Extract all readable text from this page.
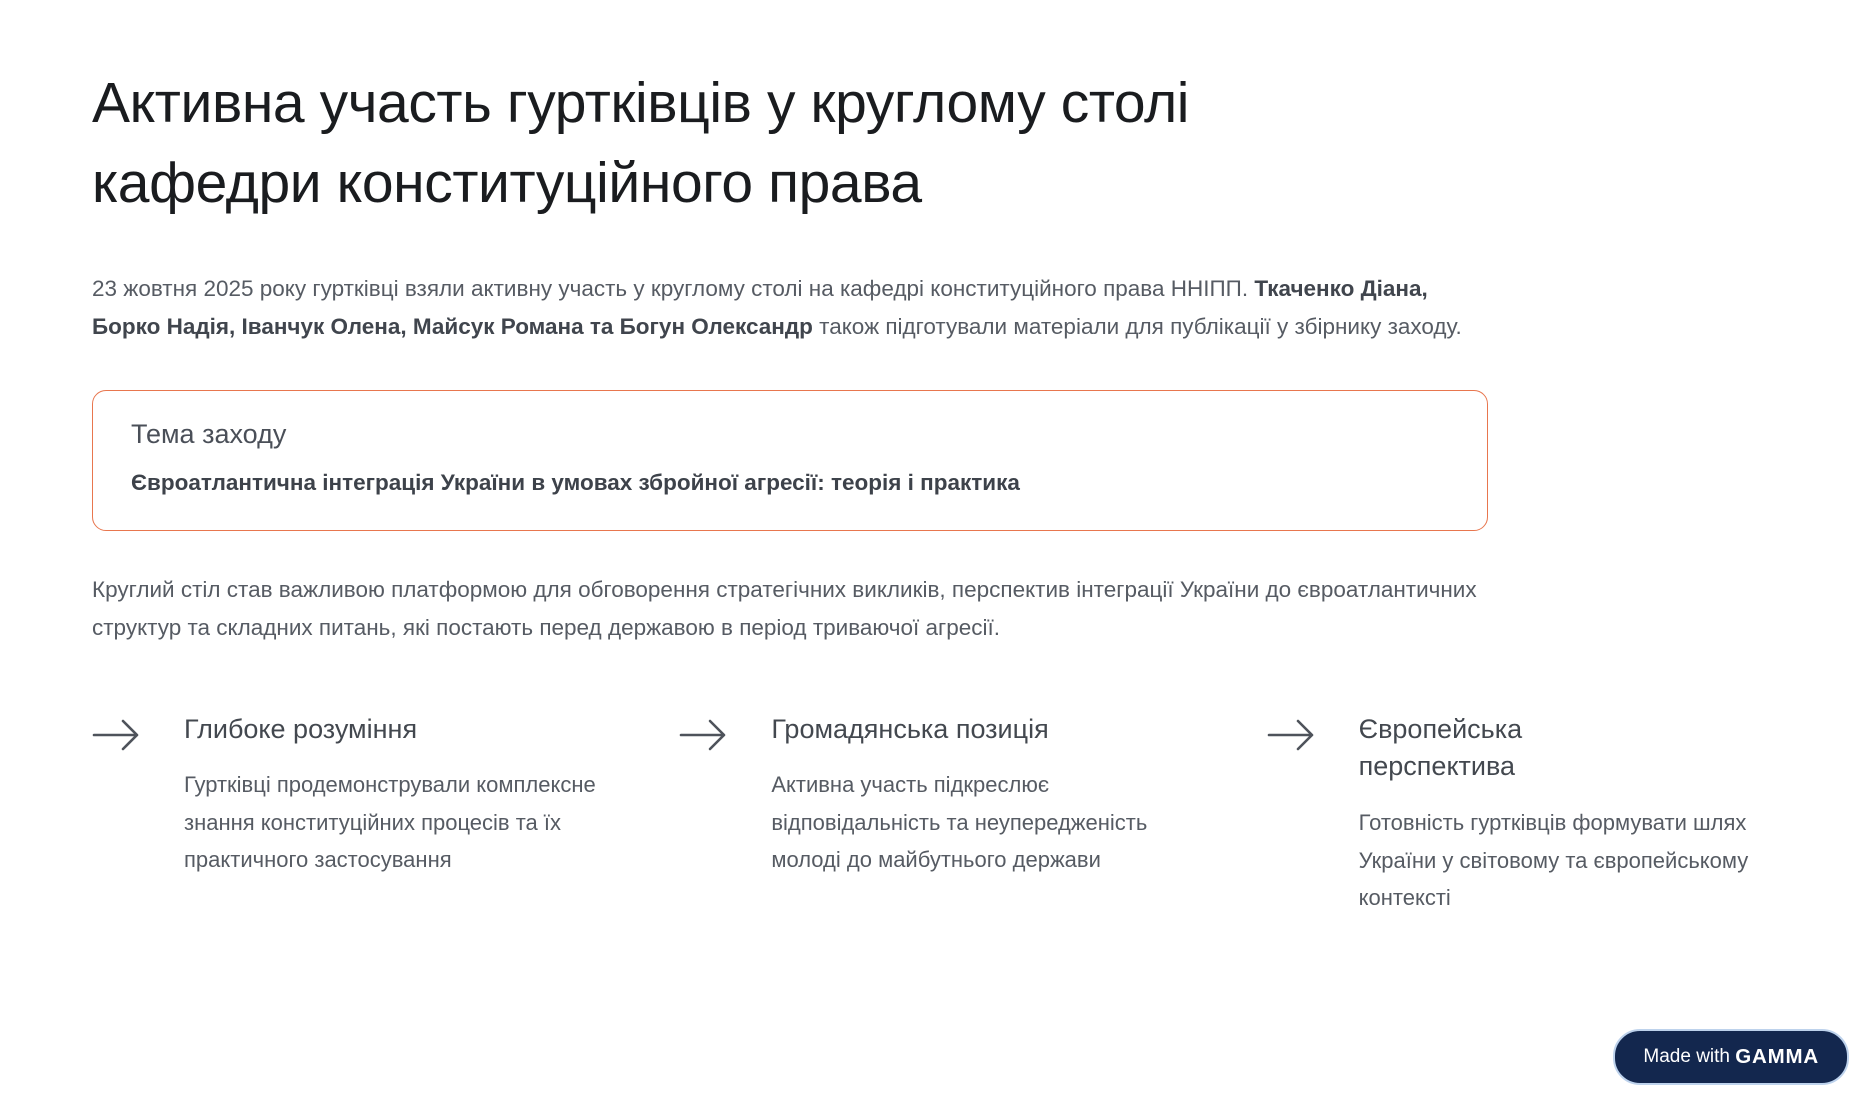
Активна участь гуртківців у круглому столі кафедри конституційного права

23 жовтня 2025 року гуртківці взяли активну участь у круглому столі на кафедрі конституційного права ННІПП. Ткаченко Діана, Борко Надія, Іванчук Олена, Майсук Романа та Богун Олександр також підготували матеріали для публікації у збірнику заходу.

Тема заходу

Євроатлантична інтеграція України в умовах збройної агресії: теорія і практика

Круглий стіл став важливою платформою для обговорення стратегічних викликів, перспектив інтеграції України до євроатлантичних структур та складних питань, які постають перед державою в період триваючої агресії.

Глибоке розуміння

Гуртківці продемонстрували комплексне знання конституційних процесів та їх практичного застосування

Громадянська позиція

Активна участь підкреслює відповідальність та неупередженість молоді до майбутнього держави

Європейська перспектива

Готовність гуртківців формувати шлях України у світовому та європейському контексті

Made with GAMMA
